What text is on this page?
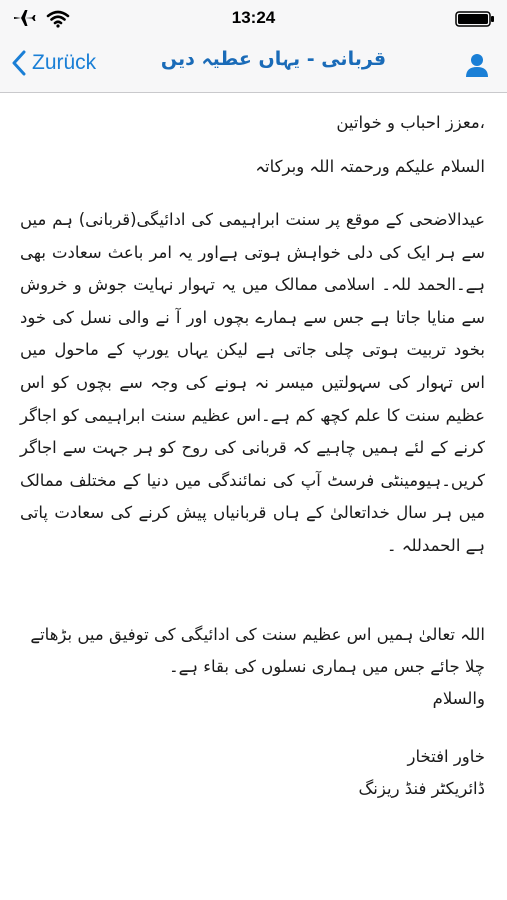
13:24
Zurück	قربانی - یہاں عطیہ دیں

،معزز احباب و خواتین

السلام علیکم ورحمتہ اللہ وبرکاتہ

عیدالاضحی کے موقع پر سنت ابراہیمی کی ادائیگی(قربانی) ہم میں سے ہر ایک کی دلی خواہش ہوتی ہےاور یہ امر باعث سعادت بھی ہے۔الحمد للہ۔ اسلامی ممالک میں یہ تہوار نہایت جوش و خروش سے منایا جاتا ہے جس سے ہمارے بچوں اور آ نے والی نسل کی خود بخود تربیت ہوتی چلی جاتی ہے لیکن یہاں یورپ کے ماحول میں اس تہوار کی سہولتیں میسر نہ ہونے کی وجہ سے بچوں کو اس عظیم سنت کا علم کچھ کم ہے۔اس عظیم سنت ابراہیمی کو اجاگر کرنے کے لئے ہمیں چاہیے کہ قربانی کی روح کو ہر جہت سے اجاگر کریں۔ہیومینٹی فرسٹ آپ کی نمائندگی میں دنیا کے مختلف ممالک میں ہر سال خداتعالیٰ کے ہاں قربانیاں پیش کرنے کی سعادت پاتی ہے الحمدللہ ۔

اللہ تعالیٰ ہمیں اس عظیم سنت کی ادائیگی کی توفیق میں بڑھاتے چلا جائے جس میں ہماری نسلوں کی بقاء ہے۔

والسلام

خاور افتخار

ڈائریکٹر فنڈ ریزنگ
